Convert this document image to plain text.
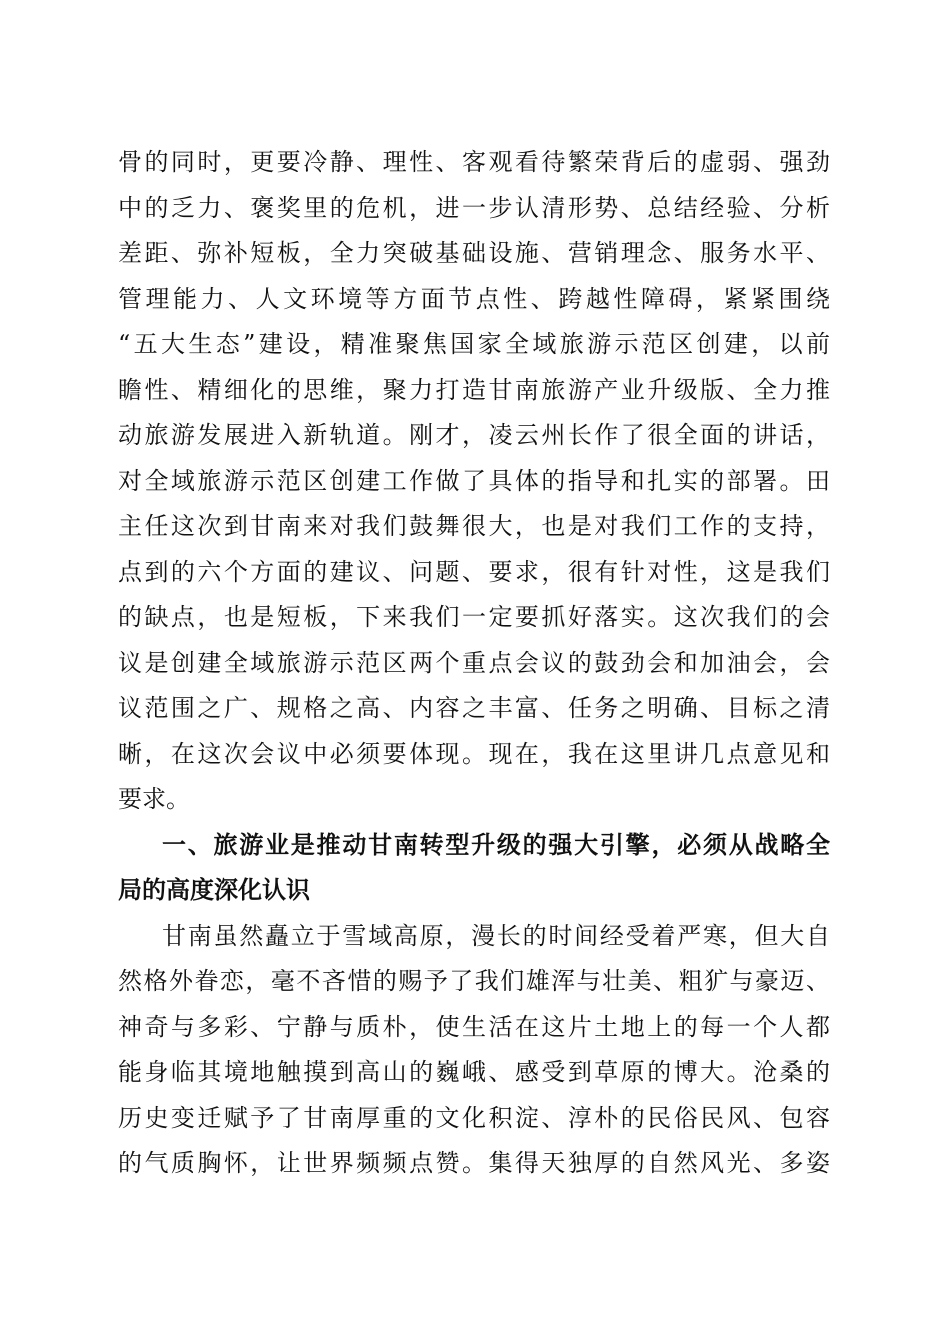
骨的同时，更要冷静、理性、客观看待繁荣背后的虚弱、强劲
中的乏力、褒奖里的危机，进一步认清形势、总结经验、分析
差距、弥补短板，全力突破基础设施、营销理念、服务水平、
管理能力、人文环境等方面节点性、跨越性障碍，紧紧围绕
“五大生态”建设，精准聚焦国家全域旅游示范区创建，以前
瞻性、精细化的思维，聚力打造甘南旅游产业升级版、全力推
动旅游发展进入新轨道。刚才，凌云州长作了很全面的讲话，
对全域旅游示范区创建工作做了具体的指导和扎实的部署。田
主任这次到甘南来对我们鼓舞很大，也是对我们工作的支持，
点到的六个方面的建议、问题、要求，很有针对性，这是我们
的缺点，也是短板，下来我们一定要抓好落实。这次我们的会
议是创建全域旅游示范区两个重点会议的鼓劲会和加油会，会
议范围之广、规格之高、内容之丰富、任务之明确、目标之清
晰，在这次会议中必须要体现。现在，我在这里讲几点意见和
要求。
一、旅游业是推动甘南转型升级的强大引擎，必须从战略全
局的高度深化认识
甘南虽然矗立于雪域高原，漫长的时间经受着严寒，但大自
然格外眷恋，毫不吝惜的赐予了我们雄浑与壮美、粗犷与豪迈、
神奇与多彩、宁静与质朴，使生活在这片土地上的每一个人都
能身临其境地触摸到高山的巍峨、感受到草原的博大。沧桑的
历史变迁赋予了甘南厚重的文化积淀、淳朴的民俗民风、包容
的气质胸怀，让世界频频点赞。集得天独厚的自然风光、多姿
